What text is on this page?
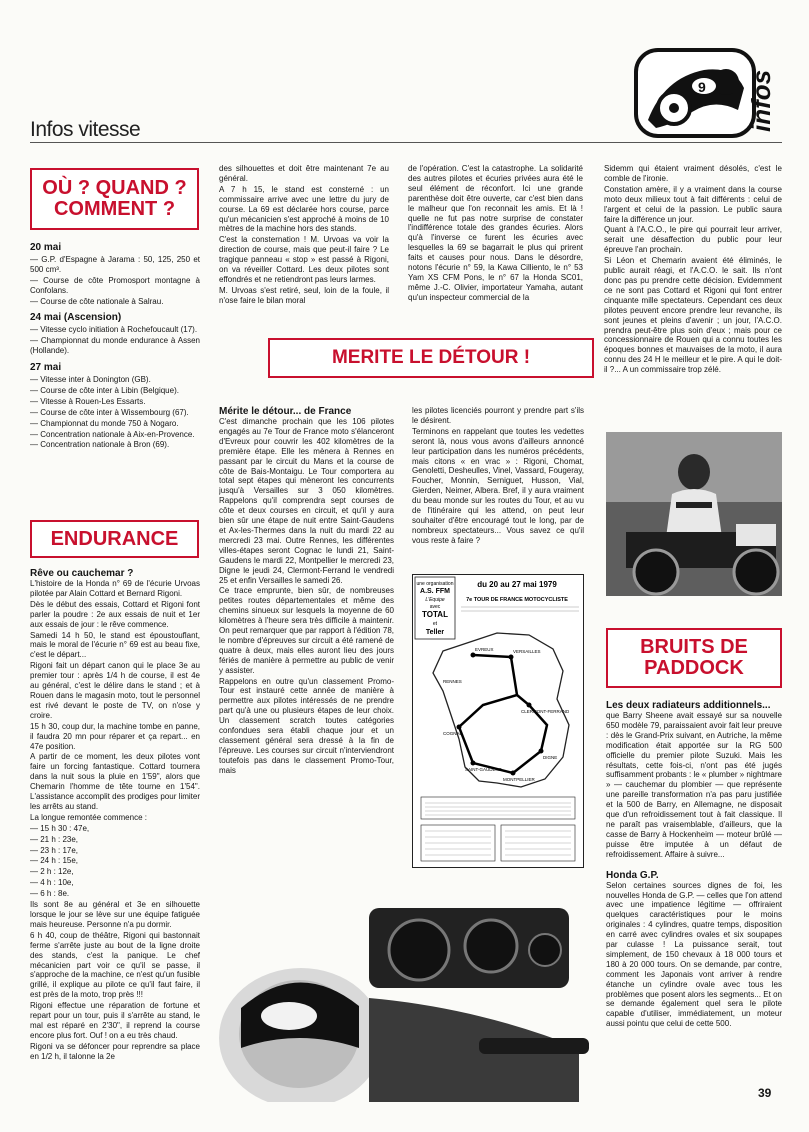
Infos vitesse
9 infos
OÙ ? QUAND ? COMMENT ?
20 mai

— G.P. d'Espagne à Jarama : 50, 125, 250 et 500 cm³.

— Course de côte Promosport montagne à Confolans.

— Course de côte nationale à Salrau.

24 mai (Ascension)

— Vitesse cyclo initiation à Rochefoucault (17).

— Championnat du monde endurance à Assen (Hollande).

27 mai

— Vitesse inter à Donington (GB).

— Course de côte inter à Libin (Belgique).

— Vitesse à Rouen-Les Essarts.

— Course de côte inter à Wissembourg (67).

— Championnat du monde 750 à Nogaro.

— Concentration nationale à Aix-en-Provence.

— Concentration nationale à Bron (69).

ENDURANCE
Rêve ou cauchemar ?

L'histoire de la Honda n° 69 de l'écurie Urvoas pilotée par Alain Cottard et Bernard Rigoni.

Dès le début des essais, Cottard et Rigoni font parler la poudre : 2e aux essais de nuit et 1er aux essais de jour : le rêve commence.

Samedi 14 h 50, le stand est époustouflant, mais le moral de l'écurie n° 69 est au beau fixe, c'est le départ...

Rigoni fait un départ canon qui le place 3e au premier tour : après 1/4 h de course, il est 4e au général, c'est le délire dans le stand ; et à Rouen dans le magasin moto, tout le personnel est rivé devant le poste de TV, on n'ose y croire.

15 h 30, coup dur, la machine tombe en panne, il faudra 20 mn pour réparer et ça repart... en 47e position.

A partir de ce moment, les deux pilotes vont faire un forcing fantastique. Cottard tournera dans la nuit sous la pluie en 1'59", alors que Chemarin l'homme de tête tourne en 1'54". L'assistance accomplit des prodiges pour limiter les arrêts au stand.

La longue remontée commence :

— 15 h 30 : 47e,

— 21 h : 23e,

— 23 h : 17e,

— 24 h : 15e,

— 2 h : 12e,

— 4 h : 10e,

— 6 h : 8e.

Ils sont 8e au général et 3e en silhouette lorsque le jour se lève sur une équipe fatiguée mais heureuse. Personne n'a pu dormir.

6 h 40, coup de théâtre, Rigoni qui bastonnait ferme s'arrête juste au bout de la ligne droite des stands, c'est la panique. Le chef mécanicien part voir ce qu'il se passe, il s'approche de la machine, ce n'est qu'un fusible grillé, il explique au pilote ce qu'il faut faire, il est près de la moto, trop près !!!

Rigoni effectue une réparation de fortune et repart pour un tour, puis il s'arrête au stand, le mal est réparé en 2'30", il reprend la course encore plus fort. Ouf ! on a eu très chaud.

Rigoni va se défoncer pour reprendre sa place en 1/2 h, il talonne la 2e

des silhouettes et doit être maintenant 7e au général.

A 7 h 15, le stand est consterné : un commissaire arrive avec une lettre du jury de course. La 69 est déclarée hors course, parce qu'un mécanicien s'est approché à moins de 10 mètres de la machine hors des stands.

C'est la consternation ! M. Urvoas va voir la direction de course, mais que peut-il faire ? Le tragique panneau « stop » est passé à Rigoni, on va réveiller Cottard. Les deux pilotes sont effondrés et ne retiendront pas leurs larmes.

M. Urvoas s'est retiré, seul, loin de la foule, il n'ose faire le bilan moral

de l'opération. C'est la catastrophe. La solidarité des autres pilotes et écuries privées aura été le seul élément de réconfort. Ici une grande parenthèse doit être ouverte, car c'est bien dans le malheur que l'on reconnait les amis. Et là ! quelle ne fut pas notre surprise de constater l'indifférence totale des grandes écuries. Alors qu'à l'inverse ce furent les écuries avec lesquelles la 69 se bagarrait le plus qui prirent faits et causes pour nous. Dans le désordre, notons l'écurie n° 59, la Kawa Cilliento, le n° 53 Yam XS CFM Pons, le n° 67 la Honda SC01, même J.-C. Olivier, importateur Yamaha, autant qu'un inspecteur commercial de la

MERITE LE DÉTOUR !
Mérite le détour... de France

C'est dimanche prochain que les 106 pilotes engagés au 7e Tour de France moto s'élanceront d'Evreux pour couvrir les 402 kilomètres de la première étape. Elle les mènera à Rennes en passant par le circuit du Mans et la course de côte de Bais-Montaigu. Le Tour comportera au total sept étapes qui mèneront les concurrents jusqu'à Versailles sur 3 050 kilomètres. Rappelons qu'il comprendra sept courses de côte et deux courses en circuit, et qu'il y aura bien sûr une étape de nuit entre Saint-Gaudens et Ax-les-Thermes dans la nuit du mardi 22 au mercredi 23 mai. Outre Rennes, les différentes villes-étapes seront Cognac le lundi 21, Saint-Gaudens le mardi 22, Montpellier le mercredi 23, Digne le jeudi 24, Clermont-Ferrand le vendredi 25 et enfin Versailles le samedi 26.

Ce trace emprunte, bien sûr, de nombreuses petites routes départementales et même des chemins sinueux sur lesquels la moyenne de 60 kilomètres à l'heure sera très difficile à maintenir. On peut remarquer que par rapport à l'édition 78, le nombre d'épreuves sur circuit a été ramené de quatre à deux, mais elles auront lieu des jours fériés de manière à permettre au public de venir y assister.

Rappelons en outre qu'un classement Promo-Tour est instauré cette année de manière à permettre aux pilotes intéressés de ne prendre part qu'à une ou plusieurs étapes de leur choix. Un classement scratch toutes catégories confondues sera établi chaque jour et un classement général sera dressé à la fin de l'épreuve. Les courses sur circuit n'interviendront toutefois pas dans le classement Promo-Tour, mais

les pilotes licenciés pourront y prendre part s'ils le désirent.

Terminons en rappelant que toutes les vedettes seront là, nous vous avons d'ailleurs annoncé leur participation dans les numéros précédents, mais citons « en vrac » : Rigoni, Chomat, Genoletti, Desheulles, Vinel, Vassard, Fougeray, Foucher, Monnin, Serniguet, Husson, Vial, Gierden, Neimer, Albera. Bref, il y aura vraiment du beau monde sur les routes du Tour, et au vu de l'itinéraire qui les attend, on peut leur souhaiter d'être encouragé tout le long, par de nombreux spectateurs... Vous savez ce qu'il vous reste à faire ?

une organisation
A.S. FFM
L'Equipe
avec
TOTAL
et
Teller
du 20 au 27 mai 1979
7e TOUR DE FRANCE MOTOCYCLISTE
EVREUX
RENNES
VERSAILLES
COGNAC
CLERMONT-FERRAND
SAINT-GAUDENS
MONTPELLIER
DIGNE

Sidemm qui étaient vraiment désolés, c'est le comble de l'ironie.

Constation amère, il y a vraiment dans la course moto deux milieux tout à fait différents : celui de l'argent et celui de la passion. Le public saura faire la différence un jour.

Quant à l'A.C.O., le pire qui pourrait leur arriver, serait une désaffection du public pour leur épreuve l'an prochain.

Si Léon et Chemarin avaient été éliminés, le public aurait réagi, et l'A.C.O. le sait. Ils n'ont donc pas pu prendre cette décision. Evidemment ce ne sont pas Cottard et Rigoni qui font entrer cinquante mille spectateurs. Cependant ces deux pilotes peuvent encore prendre leur revanche, ils sont jeunes et pleins d'avenir ; un jour, l'A.C.O. prendra peut-être plus soin d'eux ; mais pour ce concessionnaire de Rouen qui a connu toutes les époques bonnes et mauvaises de la moto, il aura connu des 24 H le meilleur et le pire. A qui le doit-il ?... A un commissaire trop zélé.

BRUITS DE PADDOCK
Les deux radiateurs additionnels...

que Barry Sheene avait essayé sur sa nouvelle 650 modèle 79, paraissaient avoir fait leur preuve : dès le Grand-Prix suivant, en Autriche, la même modification était apportée sur la RG 500 officielle du premier pilote Suzuki. Mais les résultats, cette fois-ci, n'ont pas été jugés suffisamment probants : le « plumber » nightmare » — cauchemar du plombier — que représente une pareille transformation n'a pas paru justifiée et la 500 de Barry, en Allemagne, ne disposait que d'un refroidissement tout à fait classique. Il ne paraît pas vraisemblable, d'ailleurs, que la casse de Barry à Hockenheim — moteur brûlé — puisse être imputée à un défaut de refroidissement. Affaire à suivre...

Honda G.P.

Selon certaines sources dignes de foi, les nouvelles Honda de G.P. — celles que l'on attend avec une impatience légitime — offriraient quelques caractéristiques pour le moins originales : 4 cylindres, quatre temps, disposition en carré avec cylindres ovales et six soupapes par culasse ! La puissance serait, tout simplement, de 150 chevaux à 18 000 tours et 180 à 20 000 tours. On se demande, par contre, comment les Japonais vont arriver à rendre étanche un cylindre ovale avec tous les problèmes que posent alors les segments... Et on se demande également quel sera le pilote capable d'utiliser, immédiatement, un moteur aussi pointu que celui de cette 500.

39
